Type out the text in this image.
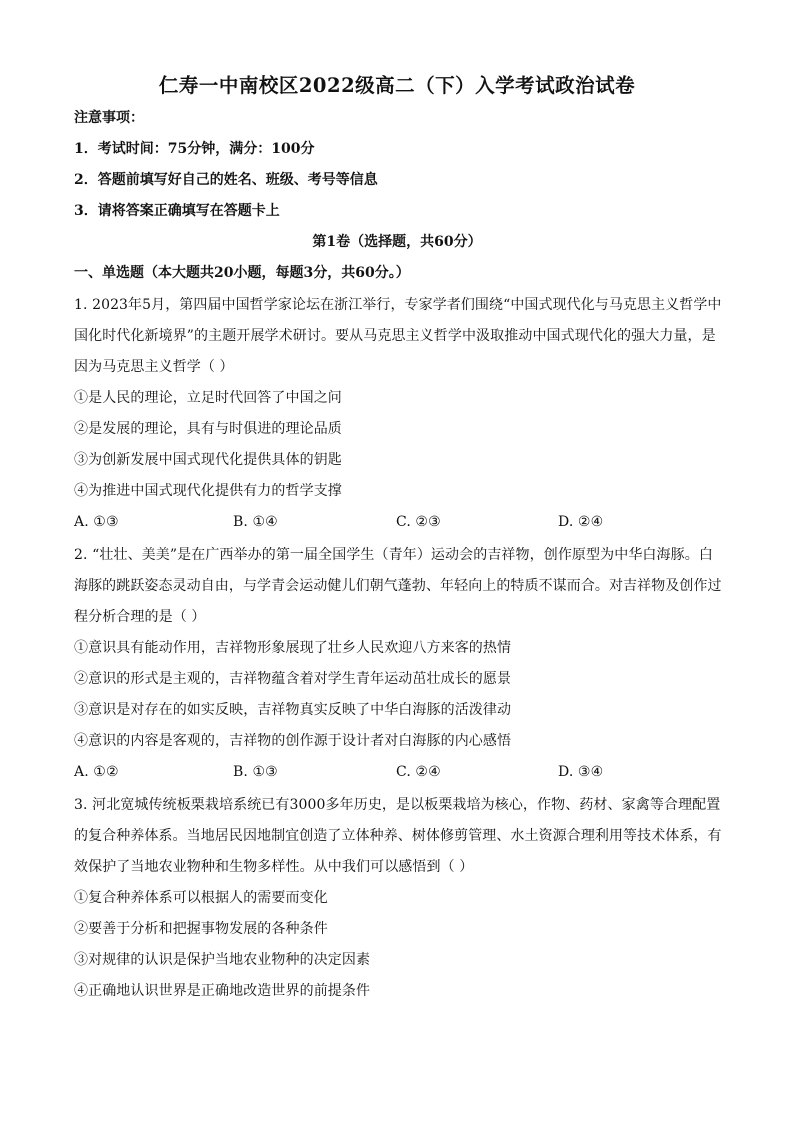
仁寿一中南校区2022级高二（下）入学考试政治试卷
注意事项：
1．考试时间：75分钟，满分：100分
2．答题前填写好自己的姓名、班级、考号等信息
3．请将答案正确填写在答题卡上
第1卷（选择题，共60分）
一、单选题（本大题共20小题，每题3分，共60分。）
1. 2023年5月，第四届中国哲学家论坛在浙江举行，专家学者们围绕“中国式现代化与马克思主义哲学中
国化时代化新境界”的主题开展学术研讨。要从马克思主义哲学中汲取推动中国式现代化的强大力量，是
因为马克思主义哲学（ ）
①是人民的理论，立足时代回答了中国之问
②是发展的理论，具有与时俱进的理论品质
③为创新发展中国式现代化提供具体的钥匙
④为推进中国式现代化提供有力的哲学支撑
A. ①③	B. ①④	C. ②③	D. ②④
2. “壮壮、美美”是在广西举办的第一届全国学生（青年）运动会的吉祥物，创作原型为中华白海豚。白
海豚的跳跃姿态灵动自由，与学青会运动健儿们朝气蓬勃、年轻向上的特质不谋而合。对吉祥物及创作过
程分析合理的是（ ）
①意识具有能动作用，吉祥物形象展现了壮乡人民欢迎八方来客的热情
②意识的形式是主观的，吉祥物蕴含着对学生青年运动茁壮成长的愿景
③意识是对存在的如实反映，吉祥物真实反映了中华白海豚的活泼律动
④意识的内容是客观的，吉祥物的创作源于设计者对白海豚的内心感悟
A. ①②	B. ①③	C. ②④	D. ③④
3. 河北宽城传统板栗栽培系统已有3000多年历史，是以板栗栽培为核心，作物、药材、家禽等合理配置
的复合种养体系。当地居民因地制宜创造了立体种养、树体修剪管理、水土资源合理利用等技术体系，有
效保护了当地农业物种和生物多样性。从中我们可以感悟到（ ）
①复合种养体系可以根据人的需要而变化
②要善于分析和把握事物发展的各种条件
③对规律的认识是保护当地农业物种的决定因素
④正确地认识世界是正确地改造世界的前提条件
